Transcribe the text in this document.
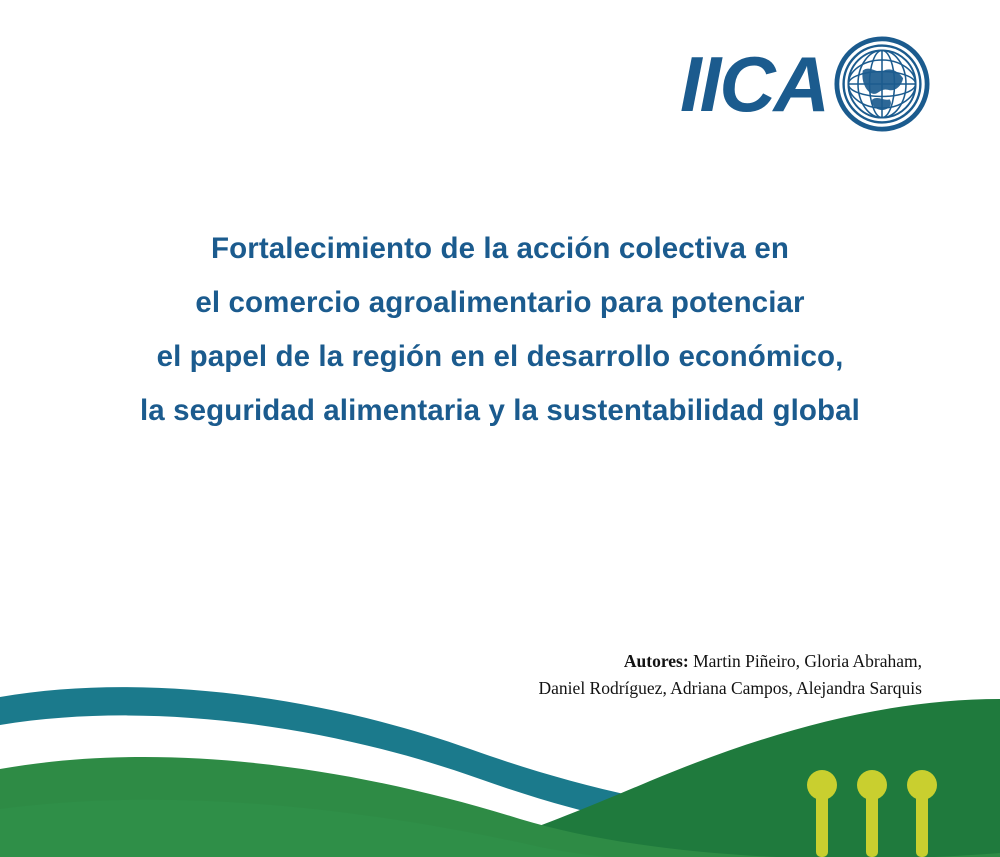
IICA
Fortalecimiento de la acción colectiva en
el comercio agroalimentario para potenciar
el papel de la región en el desarrollo económico,
la seguridad alimentaria y la sustentabilidad global
Autores: Martin Piñeiro, Gloria Abraham,
Daniel Rodríguez, Adriana Campos, Alejandra Sarquis
